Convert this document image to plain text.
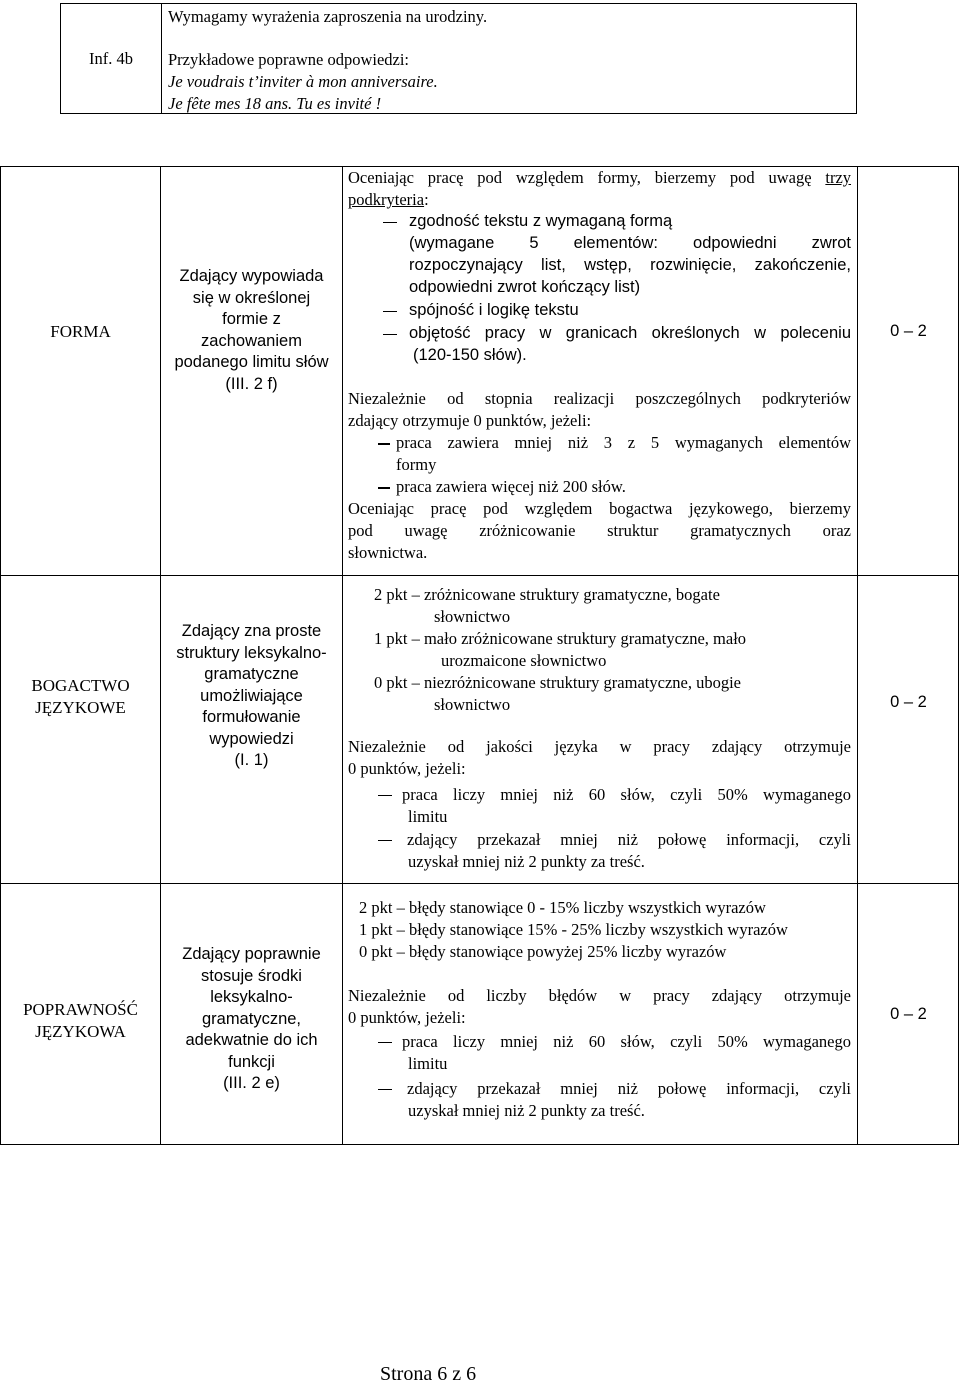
Inf. 4b
Wymagamy wyrażenia zaproszenia na urodziny.
Przykładowe poprawne odpowiedzi:
Je voudrais t’inviter à mon anniversaire.
Je fête mes 18 ans. Tu es invité !
FORMA
Zdający wypowiada
się w określonej
formie z
zachowaniem
podanego limitu słów
(III. 2 f)
Oceniając pracę pod względem formy, bierzemy pod uwagę trzy
podkryteria:
zgodność tekstu z wymaganą formą
(wymagane 5 elementów: odpowiedni zwrot
rozpoczynający list, wstęp, rozwinięcie, zakończenie,
odpowiedni zwrot kończący list)
spójność i logikę tekstu
objętość pracy w granicach określonych w poleceniu
(120-150 słów).
Niezależnie od stopnia realizacji poszczególnych podkryteriów
zdający otrzymuje 0 punktów, jeżeli:
praca zawiera mniej niż 3 z 5 wymaganych elementów
formy
praca zawiera więcej niż 200 słów.
Oceniając pracę pod względem bogactwa językowego, bierzemy
pod uwagę zróżnicowanie struktur gramatycznych oraz
słownictwa.
0 – 2
BOGACTWO
JĘZYKOWE
Zdający zna proste
struktury leksykalno-
gramatyczne
umożliwiające
formułowanie
wypowiedzi
(I. 1)
2 pkt – zróżnicowane struktury gramatyczne, bogate
słownictwo
1 pkt – mało zróżnicowane struktury gramatyczne, mało
urozmaicone słownictwo
0 pkt – niezróżnicowane struktury gramatyczne, ubogie
słownictwo
Niezależnie od jakości języka w pracy zdający otrzymuje
0 punktów, jeżeli:
praca liczy mniej niż 60 słów, czyli 50% wymaganego
limitu
zdający przekazał mniej niż połowę informacji, czyli
uzyskał mniej niż 2 punkty za treść.
0 – 2
POPRAWNOŚĆ
JĘZYKOWA
Zdający poprawnie
stosuje środki
leksykalno-
gramatyczne,
adekwatnie do ich
funkcji
(III. 2 e)
2 pkt – błędy stanowiące 0 - 15% liczby wszystkich wyrazów
1 pkt – błędy stanowiące 15% - 25% liczby wszystkich wyrazów
0 pkt – błędy stanowiące powyżej 25% liczby wyrazów
Niezależnie od liczby błędów w pracy zdający otrzymuje
0 punktów, jeżeli:
praca liczy mniej niż 60 słów, czyli 50% wymaganego
limitu
zdający przekazał mniej niż połowę informacji, czyli
uzyskał mniej niż 2 punkty za treść.
0 – 2
Strona 6 z 6
